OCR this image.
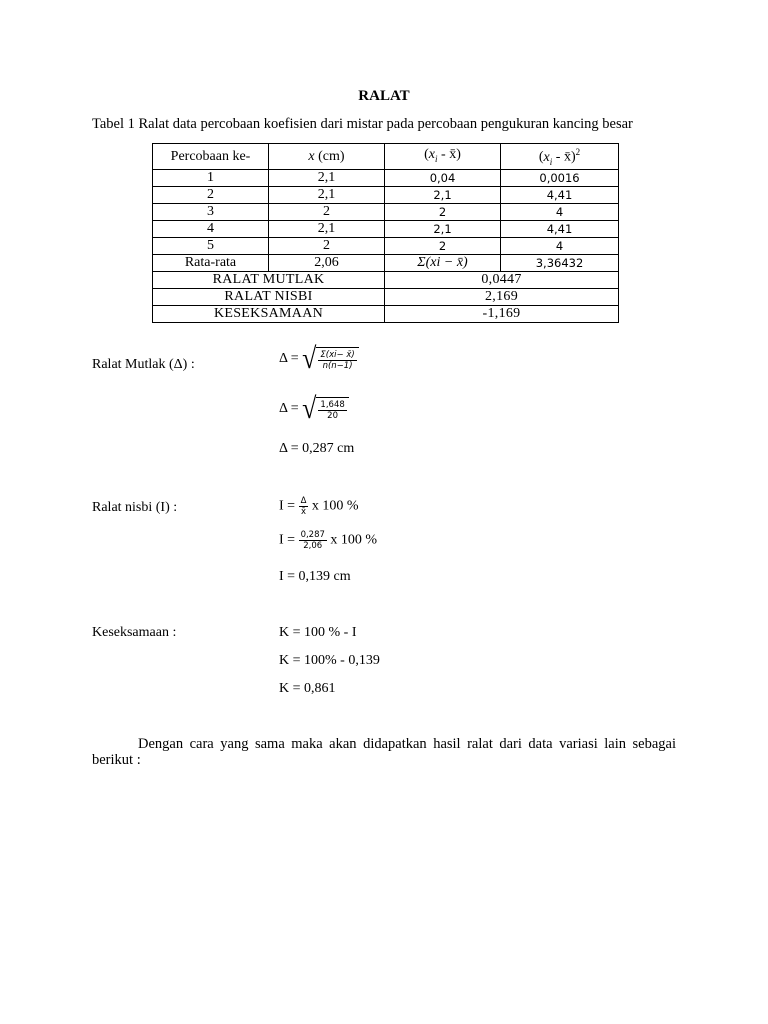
RALAT
Tabel 1 Ralat data percobaan koefisien dari mistar pada percobaan pengukuran kancing besar
Percobaan ke-	x (cm)	($x_i$ - x̄)	($x_i$ - x̄)$^2$
1	2,1	0,04	0,0016
2	2,1	2,1	4,41
3	2	2	4
4	2,1	2,1	4,41
5	2	2	4
Rata-rata	2,06	Σ(xi − x̄)	3,36432
RALAT MUTLAK		0,0447	
RALAT NISBI		2,169	
KESEKSAMAAN		-1,169	
Ralat Mutlak (Δ) :	Δ = √ $\frac{\Sigma(xi- x̄)}{n(n-1)}$
Δ = √ $\frac{1,648}{20}$
Δ = 0,287 cm
Ralat nisbi (I) :	$I = \frac{\Delta}{x̄}$ x 100 %
$I = \frac{0,287}{2,06}$ x 100 %
I = 0,139 cm
Keseksamaan :	K = 100 % - I
K = 100% - 0,139
K = 0,861
Dengan cara yang sama maka akan didapatkan hasil ralat dari data variasi lain sebagai berikut :
